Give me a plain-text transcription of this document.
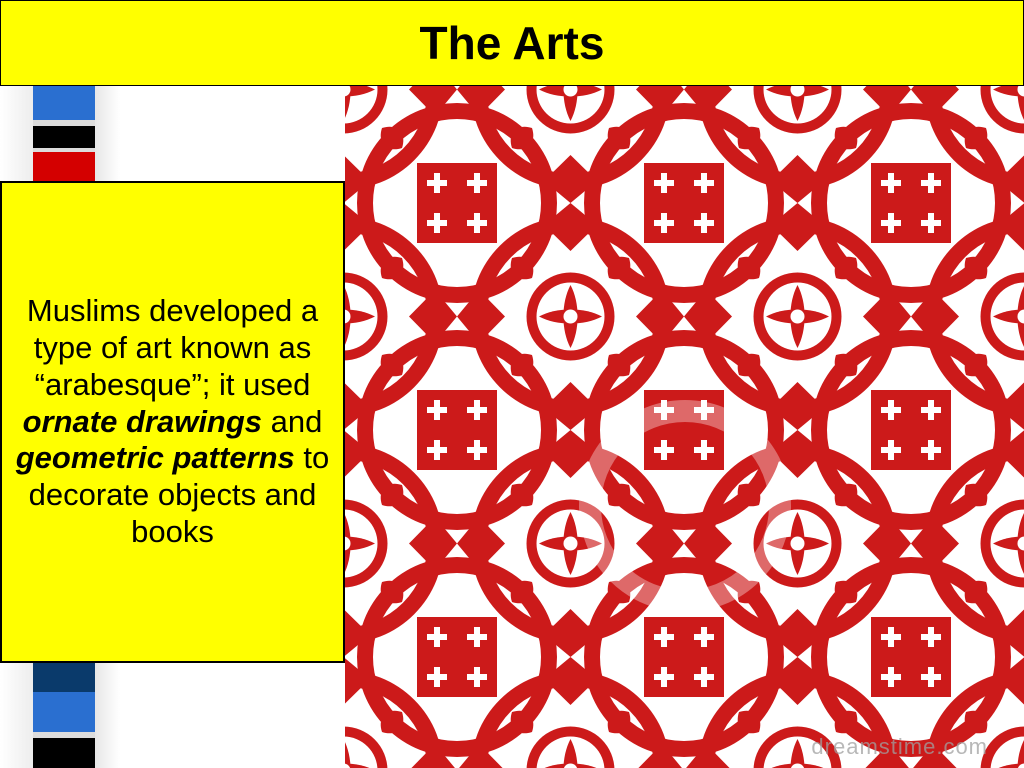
The Arts

Muslims developed a type of art known as “arabesque”; it used ornate drawings and geometric patterns to decorate objects and books

dreamstime.com
